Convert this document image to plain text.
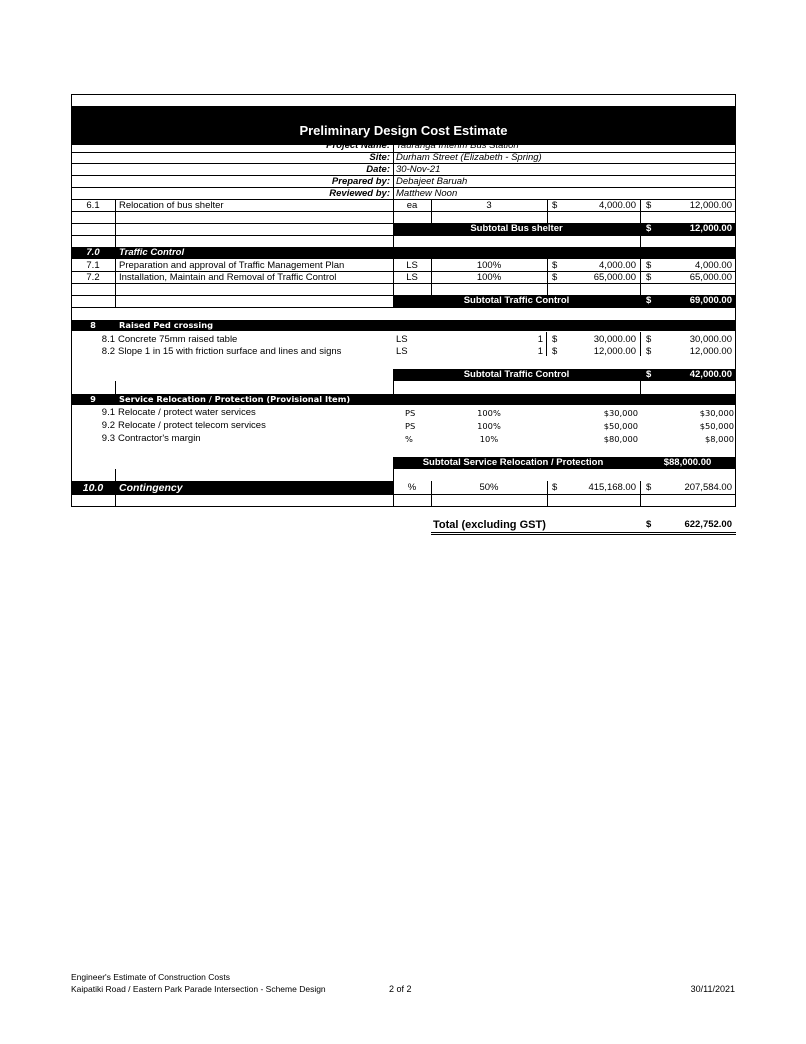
Preliminary Design Cost Estimate
Project Name: Tauranga Interim Bus Station
Site: Durham Street (Elizabeth - Spring)
Date: 30-Nov-21
Prepared by: Debajeet Baruah
Reviewed by: Matthew Noon
6.1	Relocation of bus shelter	ea	3	$	4,000.00 $	12,000.00
Subtotal Bus shelter	$	12,000.00
7.0	Traffic Control
7.1	Preparation and approval of Traffic Management Plan	LS	100%	$	4,000.00 $	4,000.00
7.2	Installation, Maintain and Removal of Traffic Control	LS	100%	$	65,000.00 $	65,000.00
Subtotal Traffic Control	$	69,000.00
8	Raised Ped crossing
8.1 Concrete 75mm raised table	LS	1 $	30,000.00 $	30,000.00
8.2 Slope 1 in 15 with friction surface and lines and signs	LS	1 $	12,000.00 $	12,000.00
Subtotal Traffic Control	$	42,000.00
9	Service Relocation / Protection (Provisional Item)
9.1 Relocate / protect water services	PS	100%	$30,000	$30,000
9.2 Relocate / protect telecom services	PS	100%	$50,000	$50,000
9.3 Contractor's margin	%	10%	$80,000	$8,000
Subtotal Service Relocation / Protection	$88,000.00
10.0	Contingency	%	50%	$	415,168.00 $	207,584.00
Total (excluding GST)	$	622,752.00
Engineer's Estimate of Construction Costs
Kaipatiki Road / Eastern Park Parade Intersection - Scheme Design	2 of 2	30/11/2021
